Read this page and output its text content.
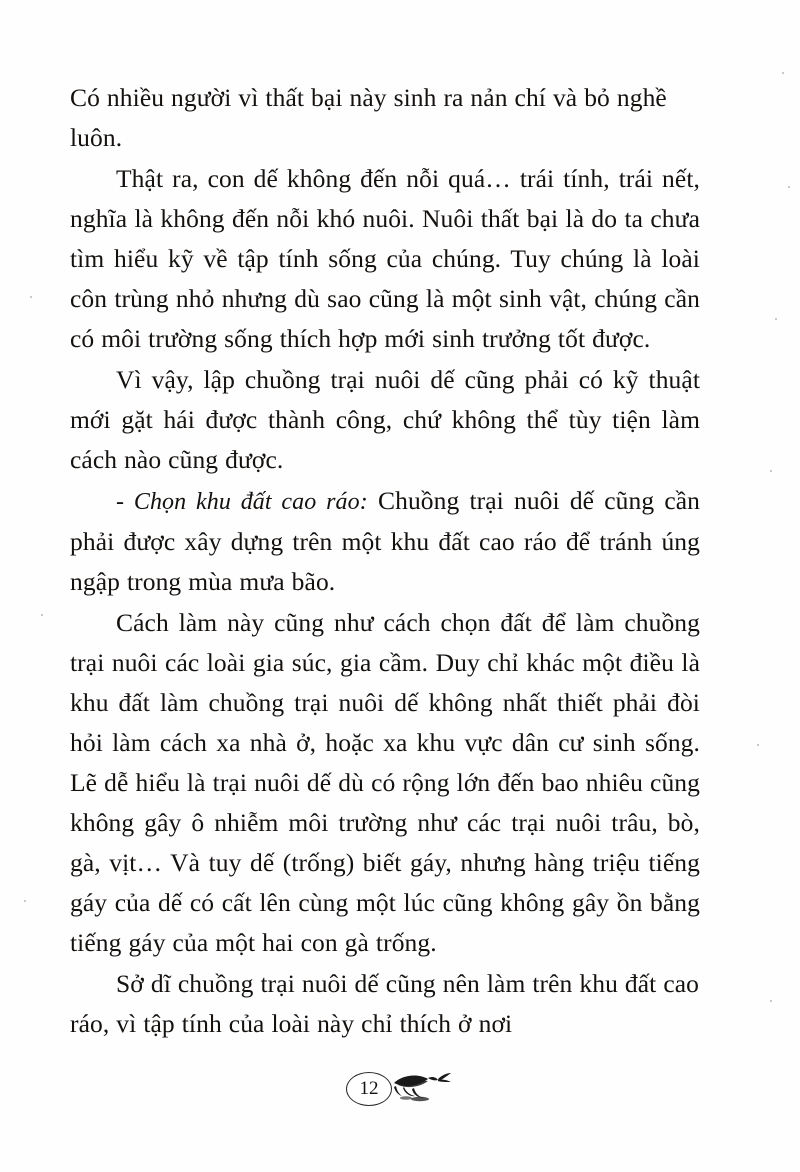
Có nhiều người vì thất bại này sinh ra nản chí và bỏ nghề luôn.

Thật ra, con dế không đến nỗi quá… trái tính, trái nết, nghĩa là không đến nỗi khó nuôi. Nuôi thất bại là do ta chưa tìm hiểu kỹ về tập tính sống của chúng. Tuy chúng là loài côn trùng nhỏ nhưng dù sao cũng là một sinh vật, chúng cần có môi trường sống thích hợp mới sinh trưởng tốt được.

Vì vậy, lập chuồng trại nuôi dế cũng phải có kỹ thuật mới gặt hái được thành công, chứ không thể tùy tiện làm cách nào cũng được.

- Chọn khu đất cao ráo: Chuồng trại nuôi dế cũng cần phải được xây dựng trên một khu đất cao ráo để tránh úng ngập trong mùa mưa bão.

Cách làm này cũng như cách chọn đất để làm chuồng trại nuôi các loài gia súc, gia cầm. Duy chỉ khác một điều là khu đất làm chuồng trại nuôi dế không nhất thiết phải đòi hỏi làm cách xa nhà ở, hoặc xa khu vực dân cư sinh sống. Lẽ dễ hiểu là trại nuôi dế dù có rộng lớn đến bao nhiêu cũng không gây ô nhiễm môi trường như các trại nuôi trâu, bò, gà, vịt… Và tuy dế (trống) biết gáy, nhưng hàng triệu tiếng gáy của dế có cất lên cùng một lúc cũng không gây ồn bằng tiếng gáy của một hai con gà trống.

Sở dĩ chuồng trại nuôi dế cũng nên làm trên khu đất cao ráo, vì tập tính của loài này chỉ thích ở nơi

12
